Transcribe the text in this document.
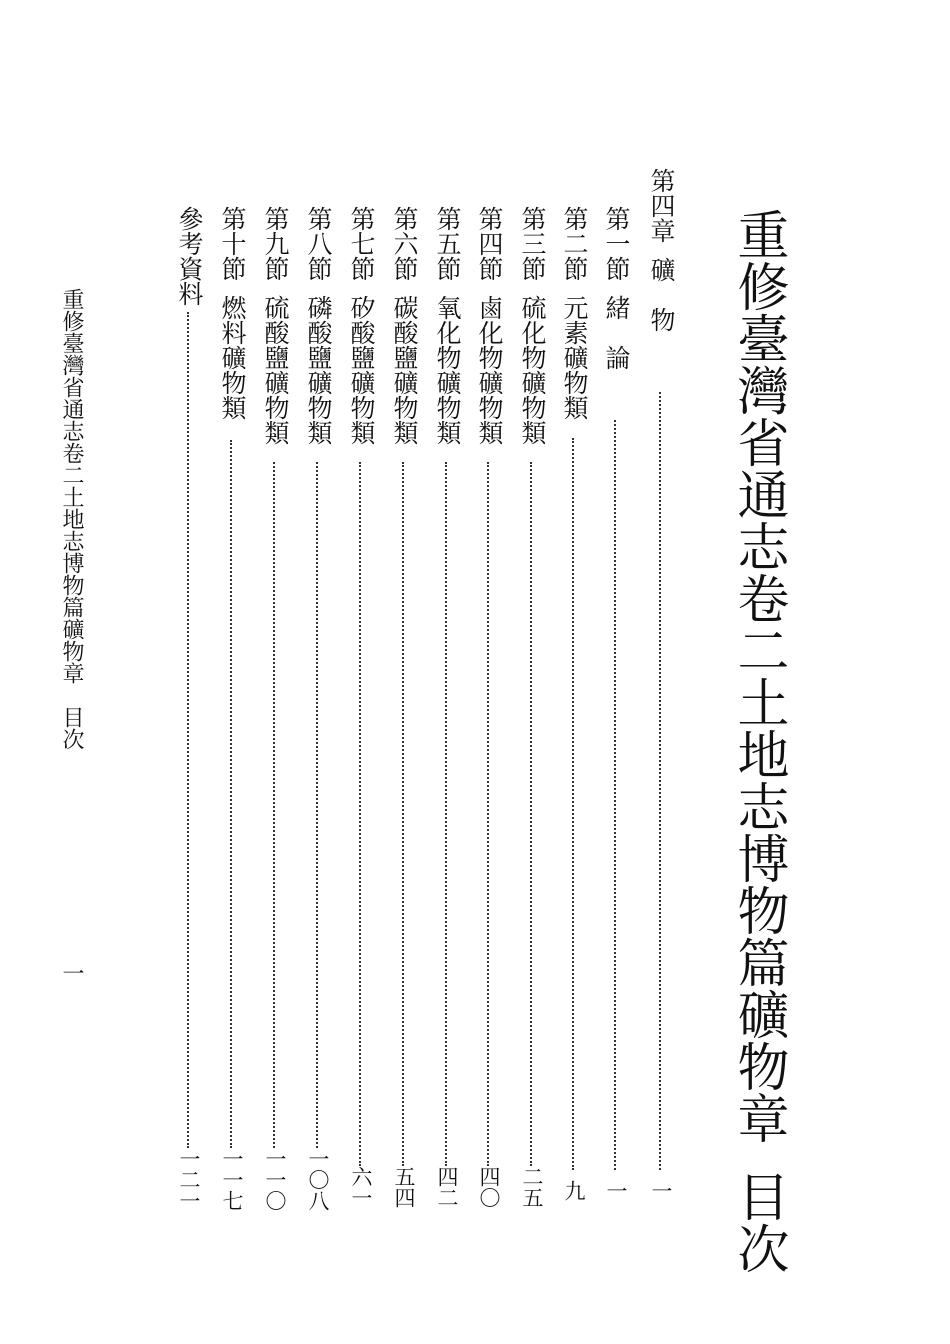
重修臺灣省通志卷二土地志博物篇礦物章目次
第四章礦　物
一
第一節緒　論
一
第二節元素礦物類
九
第三節硫化物礦物類
二五
第四節鹵化物礦物類
四〇
第五節氧化物礦物類
四二
第六節碳酸鹽礦物類
五四
第七節矽酸鹽礦物類
六一
第八節磷酸鹽礦物類
一〇八
第九節硫酸鹽礦物類
一一〇
第十節燃料礦物類
一一七
參考資料
一二一
重修臺灣省通志卷二土地志博物篇礦物章目次
一
